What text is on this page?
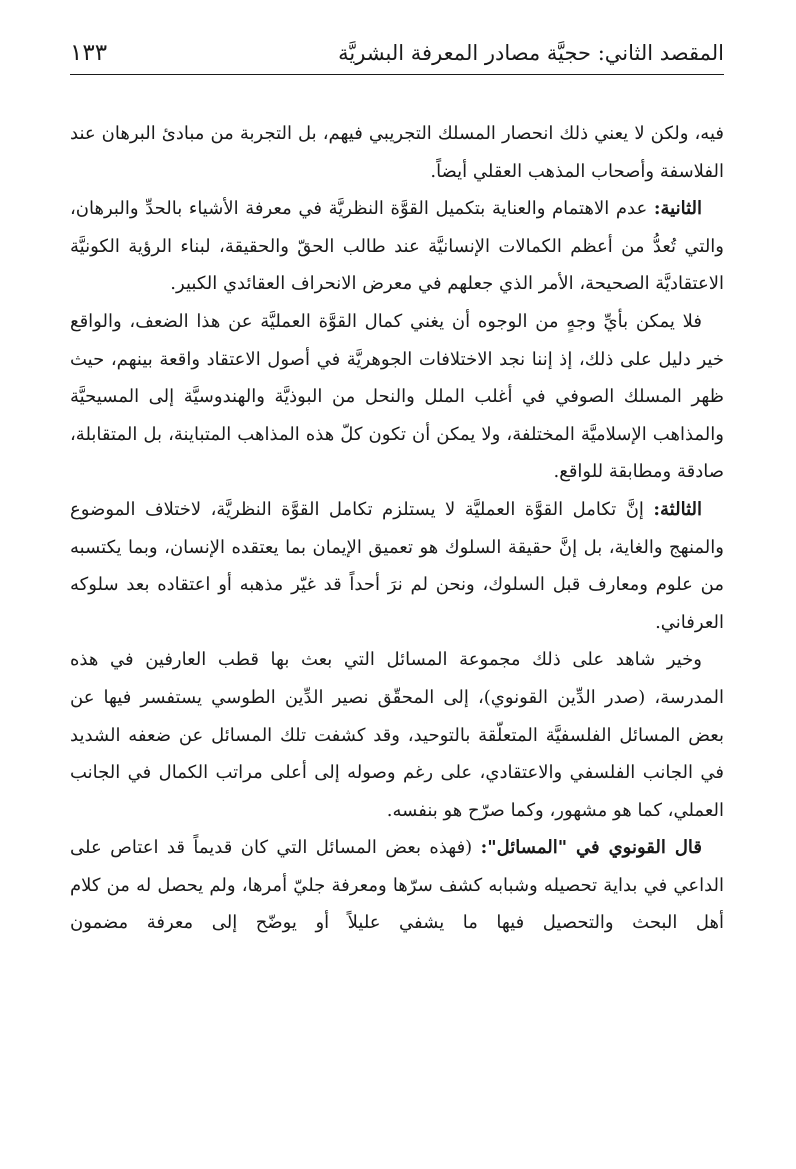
المقصد الثاني: حجيَّة مصادر المعرفة البشريَّة
١٣٣

فيه، ولكن لا يعني ذلك انحصار المسلك التجريبي فيهم، بل التجربة من مبادئ البرهان عند الفلاسفة وأصحاب المذهب العقلي أيضاً.

الثانية: عدم الاهتمام والعناية بتكميل القوَّة النظريَّة في معرفة الأشياء بالحدِّ والبرهان، والتي تُعدُّ من أعظم الكمالات الإنسانيَّة عند طالب الحقّ والحقيقة، لبناء الرؤية الكونيَّة الاعتقاديَّة الصحيحة، الأمر الذي جعلهم في معرض الانحراف العقائدي الكبير.

فلا يمكن بأيِّ وجهٍ من الوجوه أن يغني كمال القوَّة العمليَّة عن هذا الضعف، والواقع خير دليل على ذلك، إذ إننا نجد الاختلافات الجوهريَّة في أصول الاعتقاد واقعة بينهم، حيث ظهر المسلك الصوفي في أغلب الملل والنحل من البوذيَّة والهندوسيَّة إلى المسيحيَّة والمذاهب الإسلاميَّة المختلفة، ولا يمكن أن تكون كلّ هذه المذاهب المتباينة، بل المتقابلة، صادقة ومطابقة للواقع.

الثالثة: إنَّ تكامل القوَّة العمليَّة لا يستلزم تكامل القوَّة النظريَّة، لاختلاف الموضوع والمنهج والغاية، بل إنَّ حقيقة السلوك هو تعميق الإيمان بما يعتقده الإنسان، وبما يكتسبه من علوم ومعارف قبل السلوك، ونحن لم نرَ أحداً قد غيّر مذهبه أو اعتقاده بعد سلوكه العرفاني.

وخير شاهد على ذلك مجموعة المسائل التي بعث بها قطب العارفين في هذه المدرسة، (صدر الدِّين القونوي)، إلى المحقّق نصير الدِّين الطوسي يستفسر فيها عن بعض المسائل الفلسفيَّة المتعلّقة بالتوحيد، وقد كشفت تلك المسائل عن ضعفه الشديد في الجانب الفلسفي والاعتقادي، على رغم وصوله إلى أعلى مراتب الكمال في الجانب العملي، كما هو مشهور، وكما صرّح هو بنفسه.

قال القونوي في "المسائل": (فهذه بعض المسائل التي كان قديماً قد اعتاص على الداعي في بداية تحصيله وشبابه كشف سرّها ومعرفة جليّ أمرها، ولم يحصل له من كلام أهل البحث والتحصيل فيها ما يشفي عليلاً أو يوضّح إلى معرفة مضمون
